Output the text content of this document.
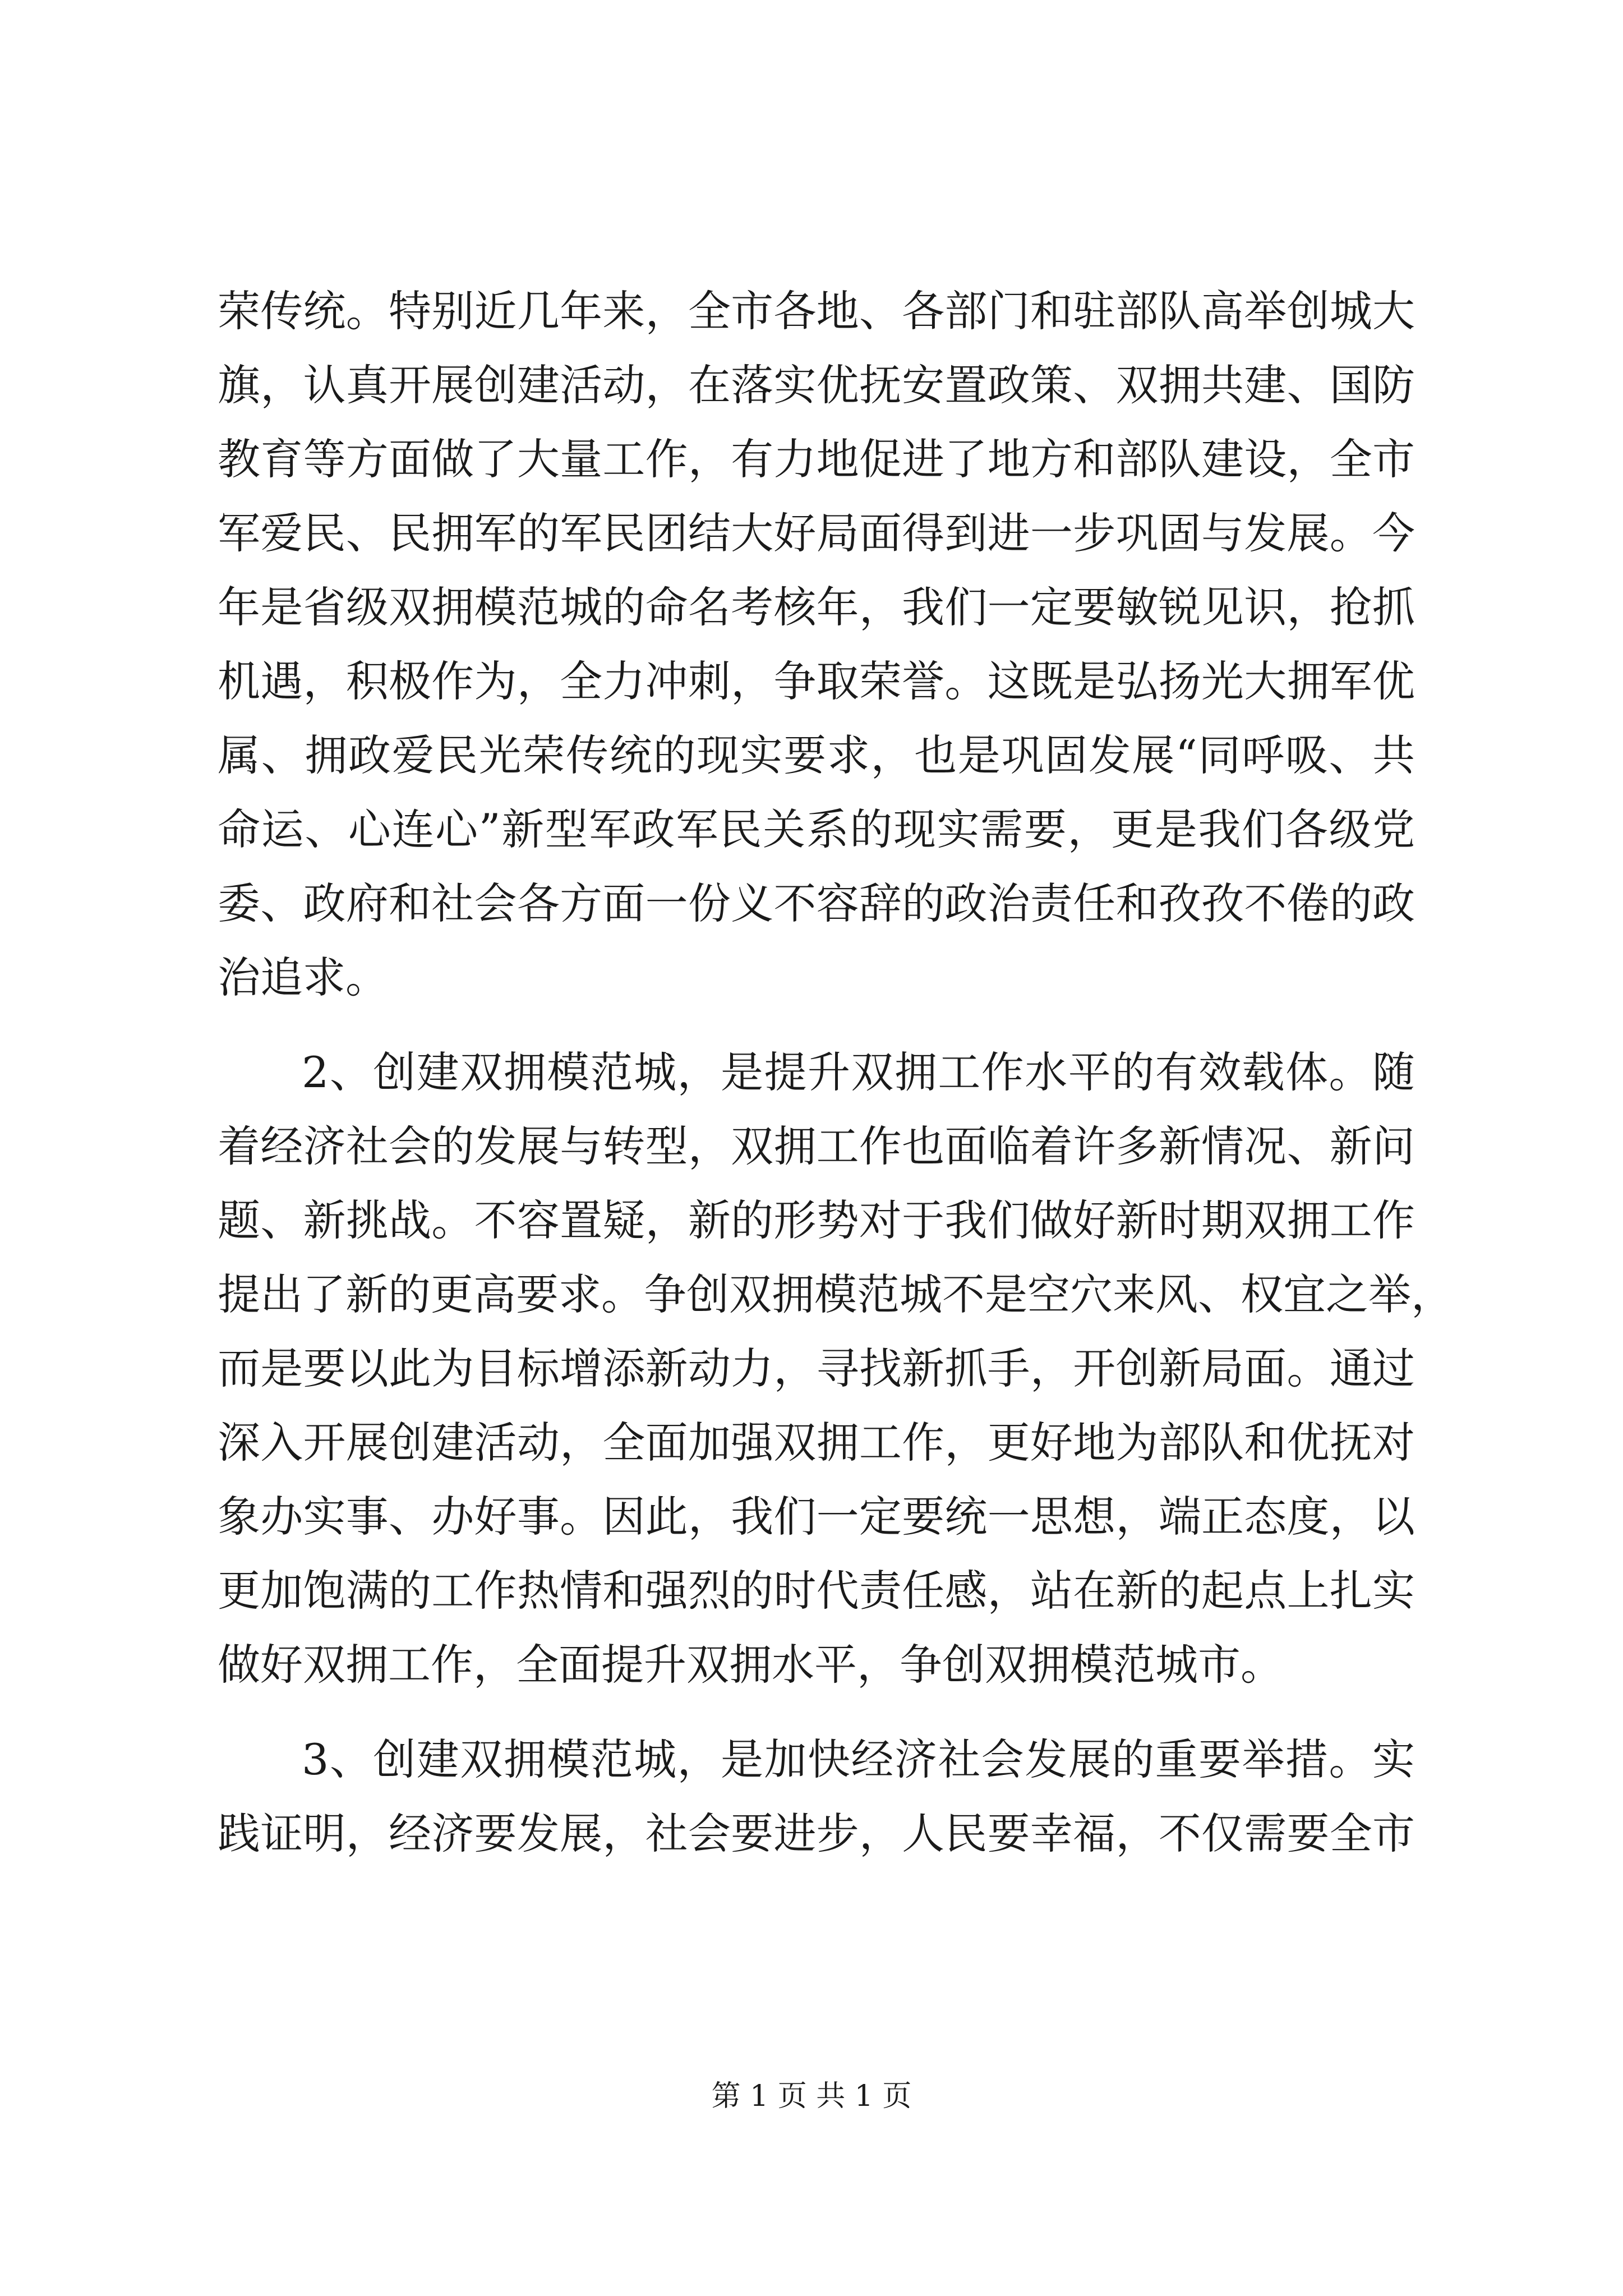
荣传统。特别近几年来，全市各地、各部门和驻部队高举创城大

旗，认真开展创建活动，在落实优抚安置政策、双拥共建、国防

教育等方面做了大量工作，有力地促进了地方和部队建设，全市

军爱民、民拥军的军民团结大好局面得到进一步巩固与发展。今

年是省级双拥模范城的命名考核年，我们一定要敏锐见识，抢抓

机遇，积极作为，全力冲刺，争取荣誉。这既是弘扬光大拥军优

属、拥政爱民光荣传统的现实要求，也是巩固发展“同呼吸、共

命运、心连心”新型军政军民关系的现实需要，更是我们各级党

委、政府和社会各方面一份义不容辞的政治责任和孜孜不倦的政

治追求。

2、创建双拥模范城，是提升双拥工作水平的有效载体。随

着经济社会的发展与转型，双拥工作也面临着许多新情况、新问

题、新挑战。不容置疑，新的形势对于我们做好新时期双拥工作

提出了新的更高要求。争创双拥模范城不是空穴来风、权宜之举，

而是要以此为目标增添新动力，寻找新抓手，开创新局面。通过

深入开展创建活动，全面加强双拥工作，更好地为部队和优抚对

象办实事、办好事。因此，我们一定要统一思想，端正态度，以

更加饱满的工作热情和强烈的时代责任感，站在新的起点上扎实

做好双拥工作，全面提升双拥水平，争创双拥模范城市。

3、创建双拥模范城，是加快经济社会发展的重要举措。实

践证明，经济要发展，社会要进步，人民要幸福，不仅需要全市

第 1 页 共 1 页
